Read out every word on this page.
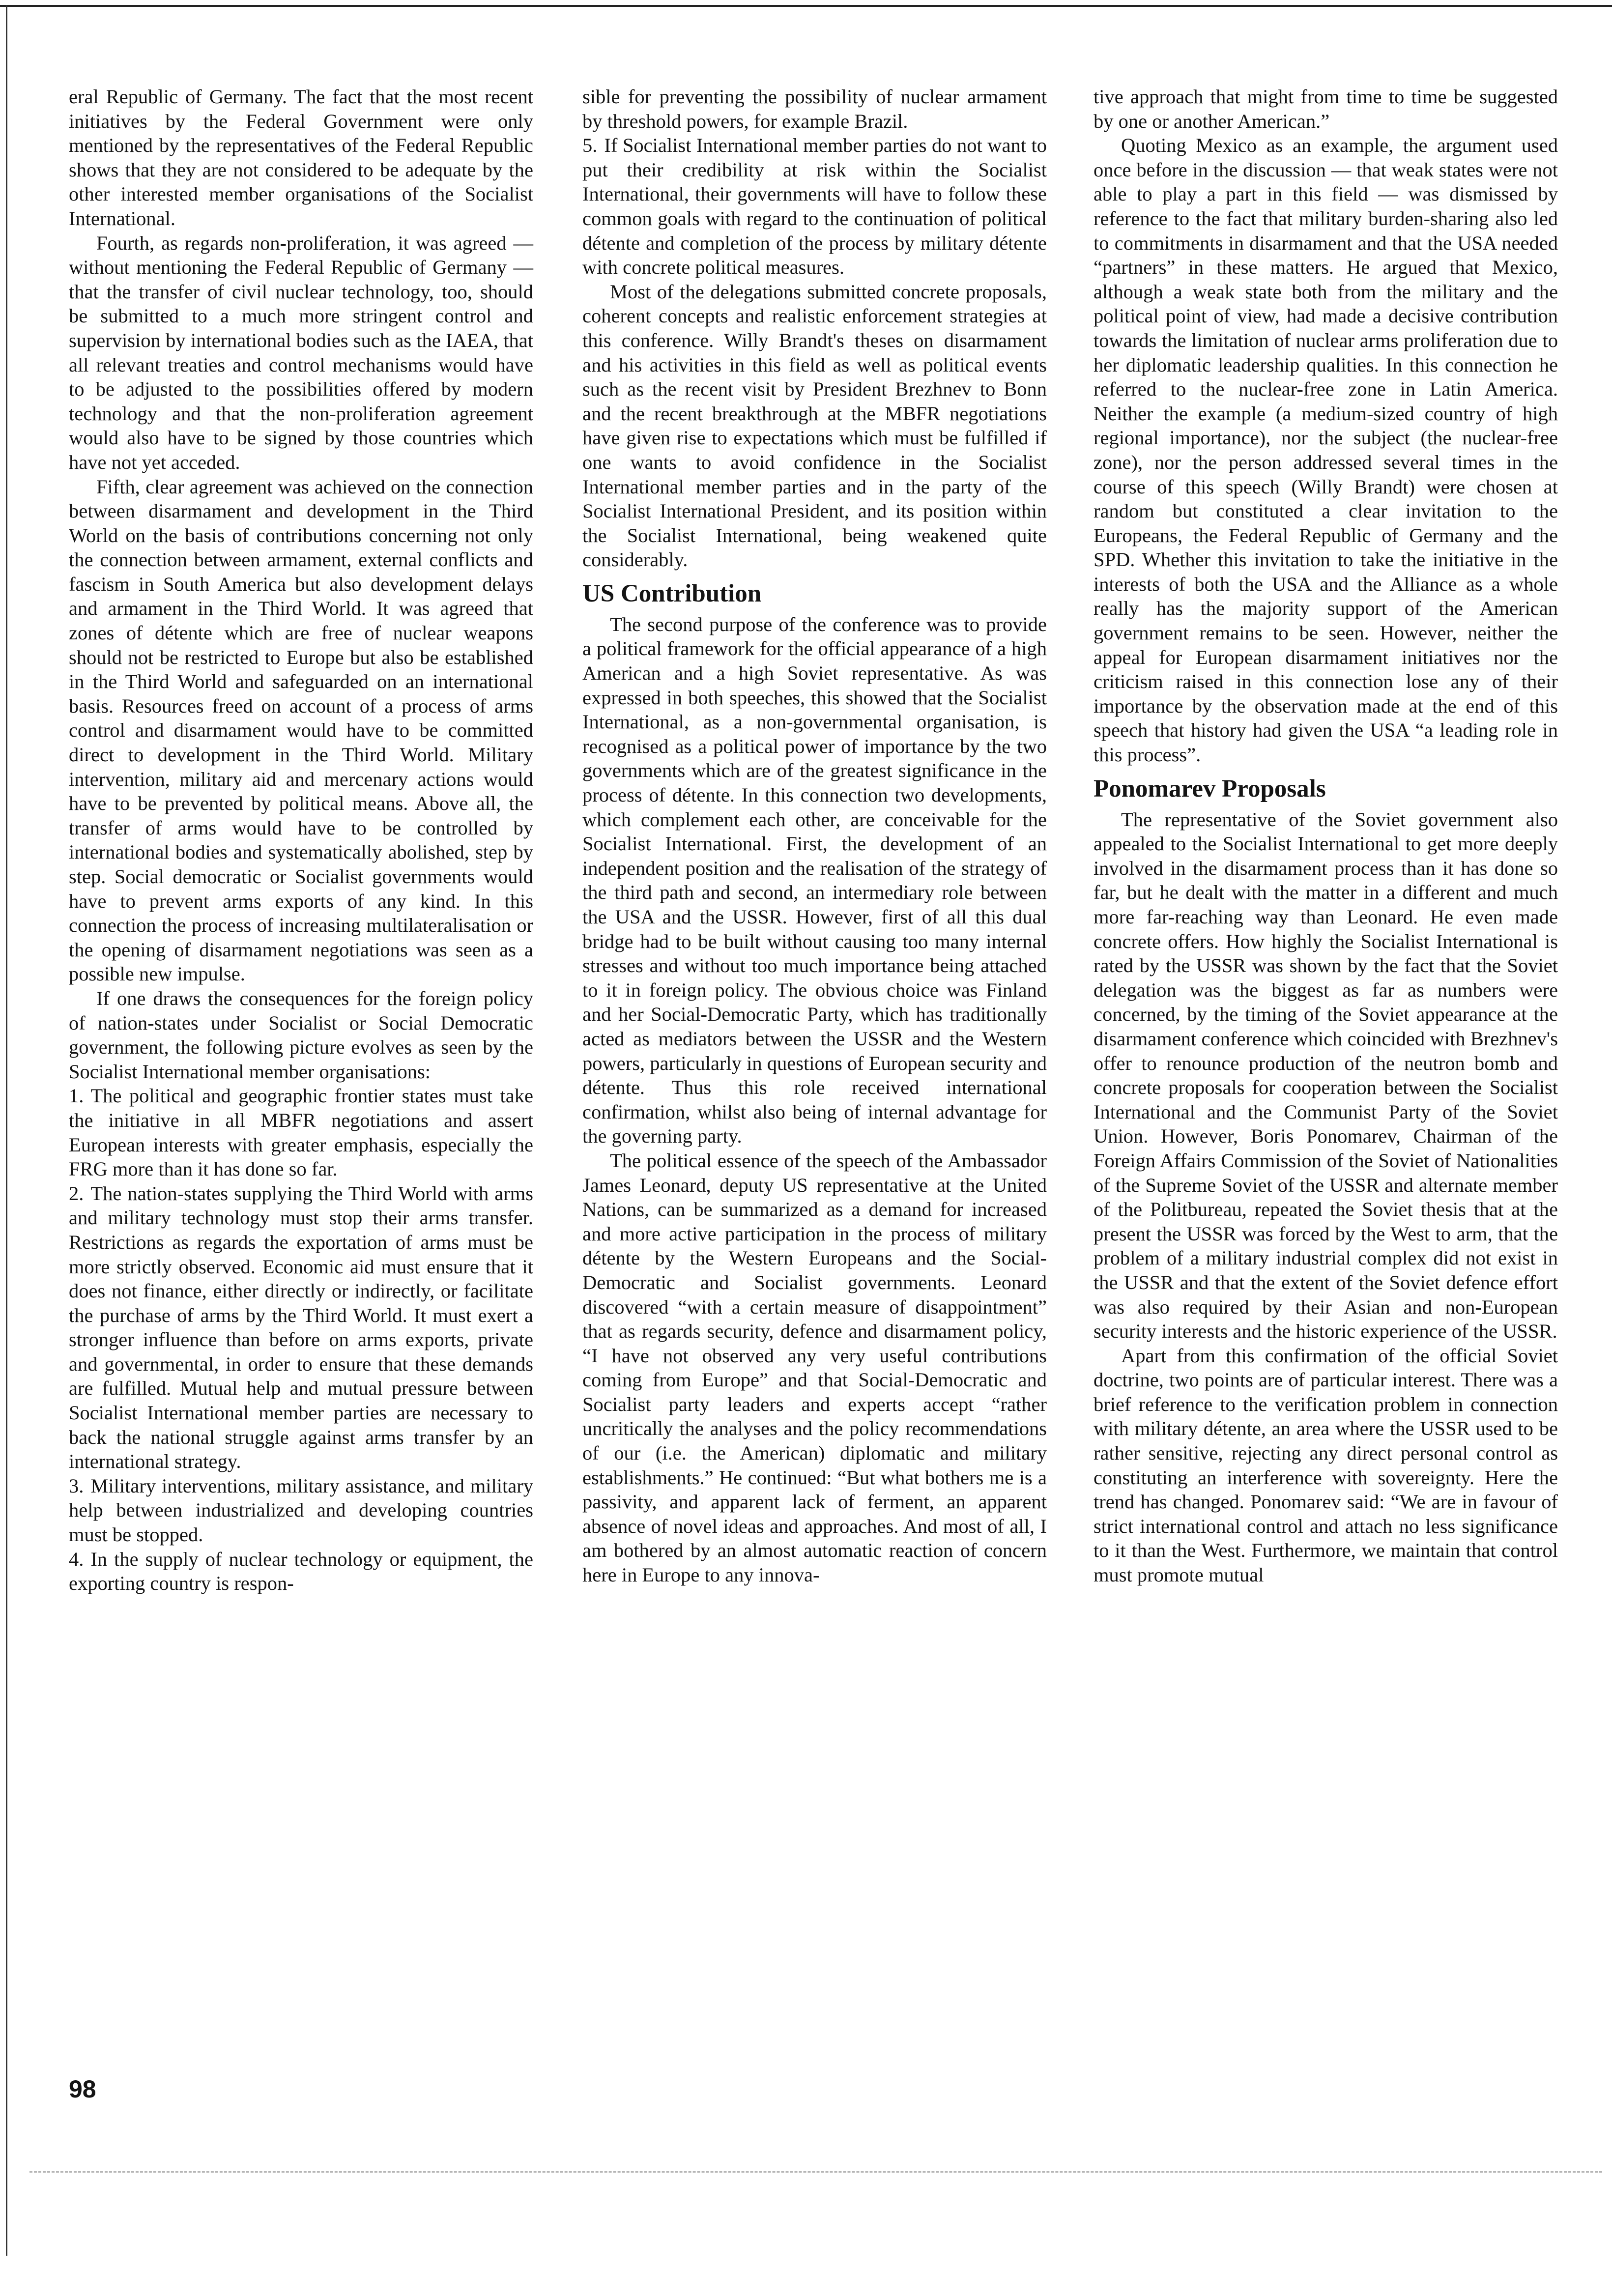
eral Republic of Germany. The fact that the most recent initiatives by the Federal Government were only mentioned by the representatives of the Federal Republic shows that they are not considered to be adequate by the other interested member organisations of the Socialist International.

Fourth, as regards non-proliferation, it was agreed — without mentioning the Federal Republic of Germany — that the transfer of civil nuclear technology, too, should be submitted to a much more stringent control and supervision by international bodies such as the IAEA, that all relevant treaties and control mechanisms would have to be adjusted to the possibilities offered by modern technology and that the non-proliferation agreement would also have to be signed by those countries which have not yet acceded.

Fifth, clear agreement was achieved on the connection between disarmament and development in the Third World on the basis of contributions concerning not only the connection between armament, external conflicts and fascism in South America but also development delays and armament in the Third World. It was agreed that zones of détente which are free of nuclear weapons should not be restricted to Europe but also be established in the Third World and safeguarded on an international basis. Resources freed on account of a process of arms control and disarmament would have to be committed direct to development in the Third World. Military intervention, military aid and mercenary actions would have to be prevented by political means. Above all, the transfer of arms would have to be controlled by international bodies and systematically abolished, step by step. Social democratic or Socialist governments would have to prevent arms exports of any kind. In this connection the process of increasing multilateralisation or the opening of disarmament negotiations was seen as a possible new impulse.

If one draws the consequences for the foreign policy of nation-states under Socialist or Social Democratic government, the following picture evolves as seen by the Socialist International member organisations:

1. The political and geographic frontier states must take the initiative in all MBFR negotiations and assert European interests with greater emphasis, especially the FRG more than it has done so far.

2. The nation-states supplying the Third World with arms and military technology must stop their arms transfer. Restrictions as regards the exportation of arms must be more strictly observed. Economic aid must ensure that it does not finance, either directly or indirectly, or facilitate the purchase of arms by the Third World. It must exert a stronger influence than before on arms exports, private and governmental, in order to ensure that these demands are fulfilled. Mutual help and mutual pressure between Socialist International member parties are necessary to back the national struggle against arms transfer by an international strategy.

3. Military interventions, military assistance, and military help between industrialized and developing countries must be stopped.

4. In the supply of nuclear technology or equipment, the exporting country is respon-

sible for preventing the possibility of nuclear armament by threshold powers, for example Brazil.

5. If Socialist International member parties do not want to put their credibility at risk within the Socialist International, their governments will have to follow these common goals with regard to the continuation of political détente and completion of the process by military détente with concrete political measures.

Most of the delegations submitted concrete proposals, coherent concepts and realistic enforcement strategies at this conference. Willy Brandt's theses on disarmament and his activities in this field as well as political events such as the recent visit by President Brezhnev to Bonn and the recent breakthrough at the MBFR negotiations have given rise to expectations which must be fulfilled if one wants to avoid confidence in the Socialist International member parties and in the party of the Socialist International President, and its position within the Socialist International, being weakened quite considerably.

US Contribution

The second purpose of the conference was to provide a political framework for the official appearance of a high American and a high Soviet representative. As was expressed in both speeches, this showed that the Socialist International, as a non-governmental organisation, is recognised as a political power of importance by the two governments which are of the greatest significance in the process of détente. In this connection two developments, which complement each other, are conceivable for the Socialist International. First, the development of an independent position and the realisation of the strategy of the third path and second, an intermediary role between the USA and the USSR. However, first of all this dual bridge had to be built without causing too many internal stresses and without too much importance being attached to it in foreign policy. The obvious choice was Finland and her Social-Democratic Party, which has traditionally acted as mediators between the USSR and the Western powers, particularly in questions of European security and détente. Thus this role received international confirmation, whilst also being of internal advantage for the governing party.

The political essence of the speech of the Ambassador James Leonard, deputy US representative at the United Nations, can be summarized as a demand for increased and more active participation in the process of military détente by the Western Europeans and the Social-Democratic and Socialist governments. Leonard discovered “with a certain measure of disappointment” that as regards security, defence and disarmament policy, “I have not observed any very useful contributions coming from Europe” and that Social-Democratic and Socialist party leaders and experts accept “rather uncritically the analyses and the policy recommendations of our (i.e. the American) diplomatic and military establishments.” He continued: “But what bothers me is a passivity, and apparent lack of ferment, an apparent absence of novel ideas and approaches. And most of all, I am bothered by an almost automatic reaction of concern here in Europe to any innova-

tive approach that might from time to time be suggested by one or another American.”

Quoting Mexico as an example, the argument used once before in the discussion — that weak states were not able to play a part in this field — was dismissed by reference to the fact that military burden-sharing also led to commitments in disarmament and that the USA needed “partners” in these matters. He argued that Mexico, although a weak state both from the military and the political point of view, had made a decisive contribution towards the limitation of nuclear arms proliferation due to her diplomatic leadership qualities. In this connection he referred to the nuclear-free zone in Latin America. Neither the example (a medium-sized country of high regional importance), nor the subject (the nuclear-free zone), nor the person addressed several times in the course of this speech (Willy Brandt) were chosen at random but constituted a clear invitation to the Europeans, the Federal Republic of Germany and the SPD. Whether this invitation to take the initiative in the interests of both the USA and the Alliance as a whole really has the majority support of the American government remains to be seen. However, neither the appeal for European disarmament initiatives nor the criticism raised in this connection lose any of their importance by the observation made at the end of this speech that history had given the USA “a leading role in this process”.

Ponomarev Proposals

The representative of the Soviet government also appealed to the Socialist International to get more deeply involved in the disarmament process than it has done so far, but he dealt with the matter in a different and much more far-reaching way than Leonard. He even made concrete offers. How highly the Socialist International is rated by the USSR was shown by the fact that the Soviet delegation was the biggest as far as numbers were concerned, by the timing of the Soviet appearance at the disarmament conference which coincided with Brezhnev's offer to renounce production of the neutron bomb and concrete proposals for cooperation between the Socialist International and the Communist Party of the Soviet Union. However, Boris Ponomarev, Chairman of the Foreign Affairs Commission of the Soviet of Nationalities of the Supreme Soviet of the USSR and alternate member of the Politbureau, repeated the Soviet thesis that at the present the USSR was forced by the West to arm, that the problem of a military industrial complex did not exist in the USSR and that the extent of the Soviet defence effort was also required by their Asian and non-European security interests and the historic experience of the USSR.

Apart from this confirmation of the official Soviet doctrine, two points are of particular interest. There was a brief reference to the verification problem in connection with military détente, an area where the USSR used to be rather sensitive, rejecting any direct personal control as constituting an interference with sovereignty. Here the trend has changed. Ponomarev said: “We are in favour of strict international control and attach no less significance to it than the West. Furthermore, we maintain that control must promote mutual

98
